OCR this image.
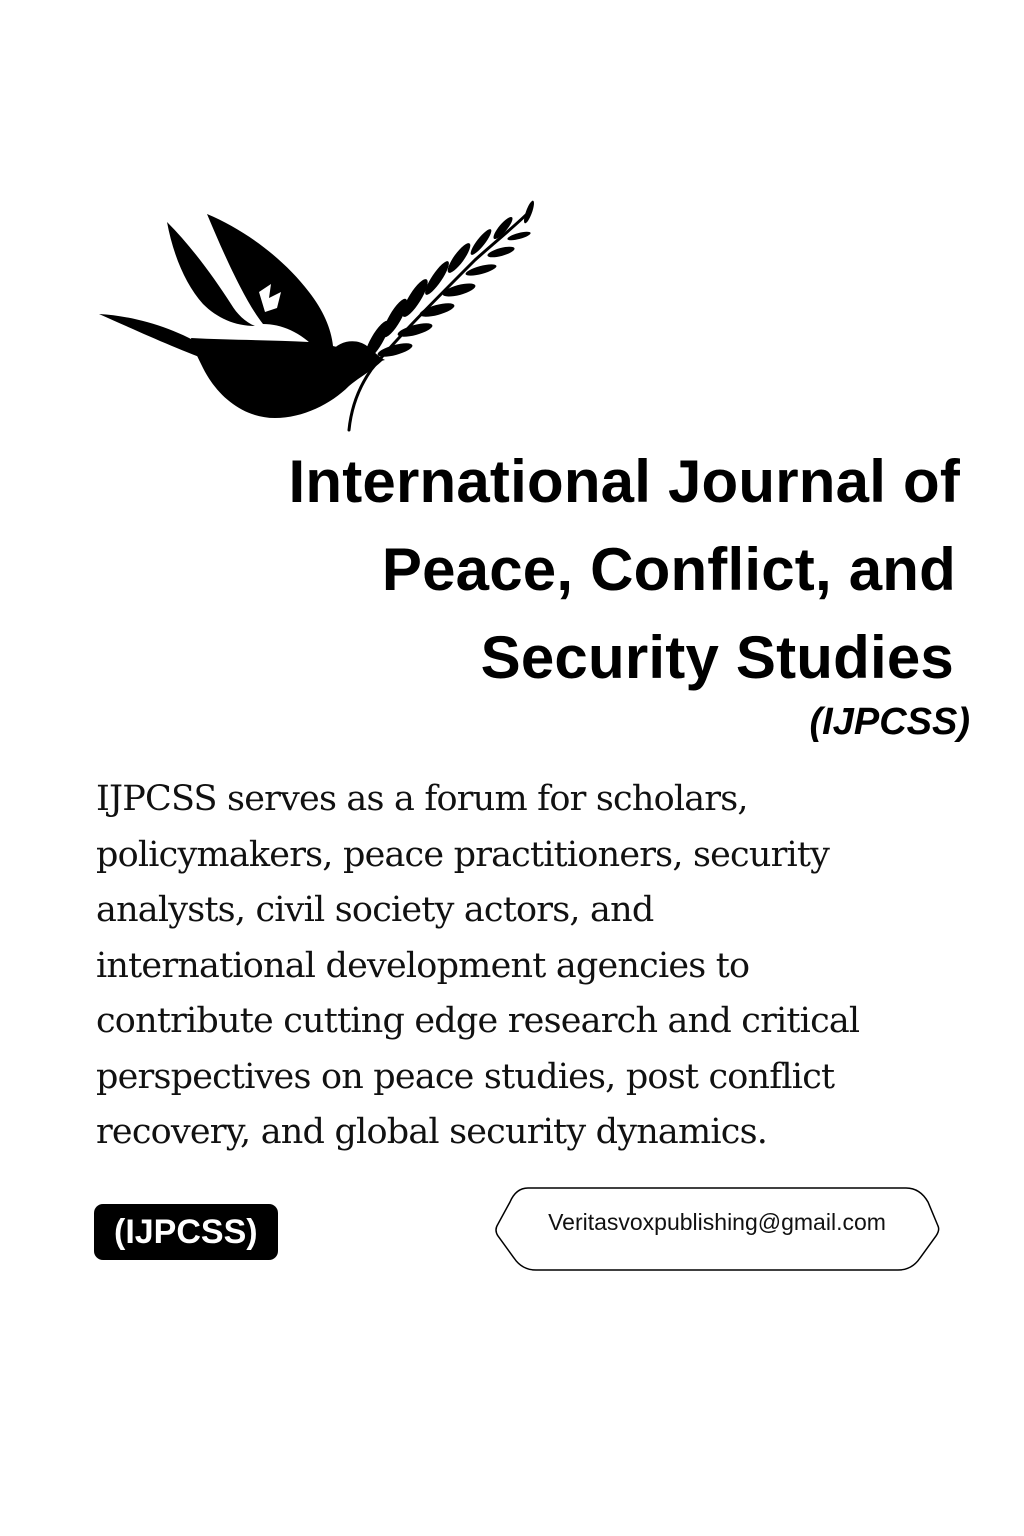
International Journal of
Peace, Conflict, and
Security Studies
(IJPCSS)
IJPCSS serves as a forum for scholars,
policymakers, peace practitioners, security
analysts, civil society actors, and
international development agencies to
contribute cutting edge research and critical
perspectives on peace studies, post conflict
recovery, and global security dynamics.
(IJPCSS)	Veritasvoxpublishing@gmail.com
